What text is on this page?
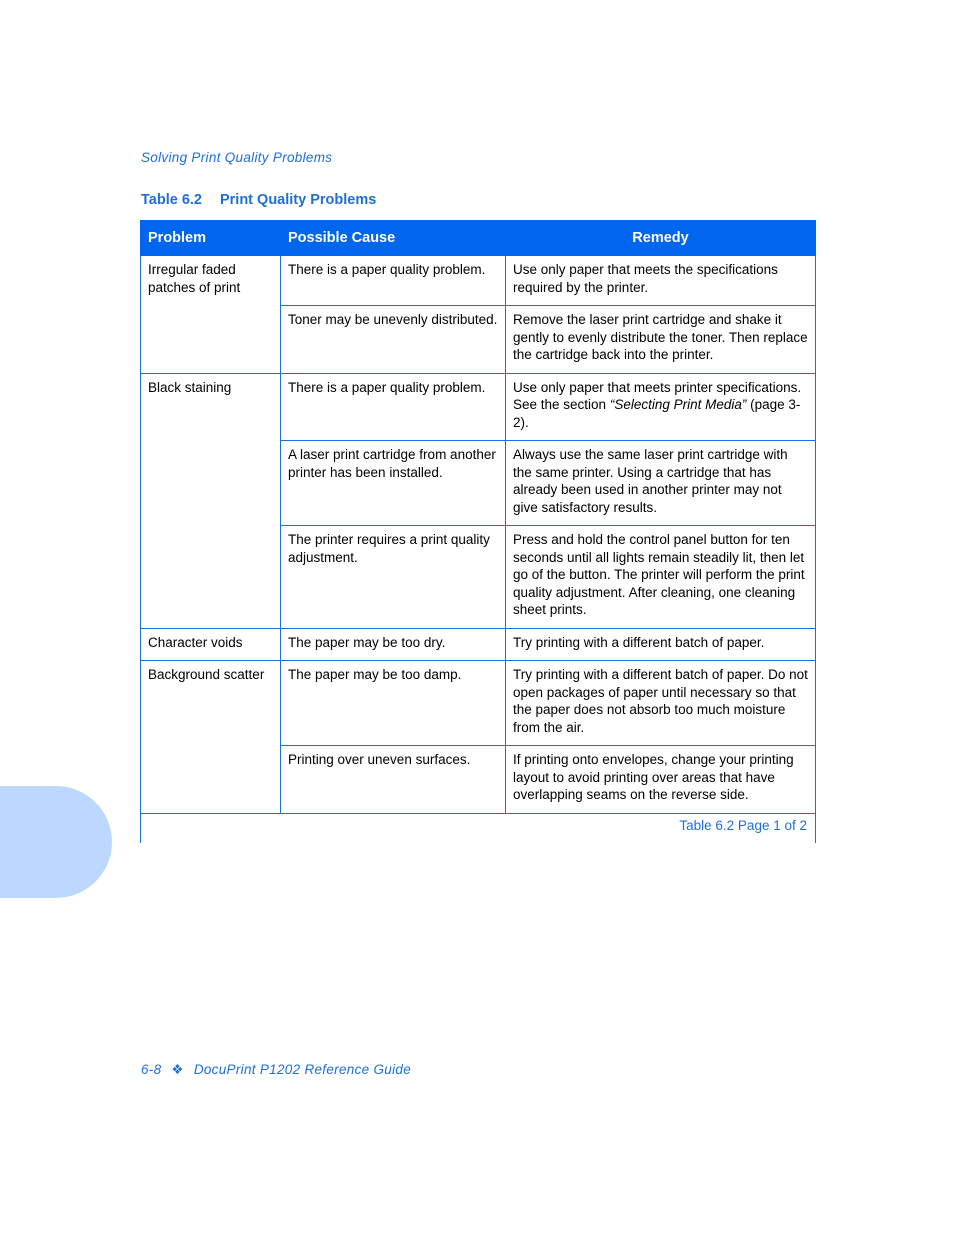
Solving Print Quality Problems
Table 6.2 Print Quality Problems
Problem	Possible Cause	Remedy
Irregular faded patches of print	There is a paper quality problem.	Use only paper that meets the specifications required by the printer.
	Toner may be unevenly distributed.	Remove the laser print cartridge and shake it gently to evenly distribute the toner. Then replace the cartridge back into the printer.
Black staining	There is a paper quality problem.	Use only paper that meets printer specifications. See the section “Selecting Print Media” (page 3-2).
	A laser print cartridge from another printer has been installed.	Always use the same laser print cartridge with the same printer. Using a cartridge that has already been used in another printer may not give satisfactory results.
	The printer requires a print quality adjustment.	Press and hold the control panel button for ten seconds until all lights remain steadily lit, then let go of the button. The printer will perform the print quality adjustment. After cleaning, one cleaning sheet prints.
Character voids	The paper may be too dry.	Try printing with a different batch of paper.
Background scatter	The paper may be too damp.	Try printing with a different batch of paper. Do not open packages of paper until necessary so that the paper does not absorb too much moisture from the air.
	Printing over uneven surfaces.	If printing onto envelopes, change your printing layout to avoid printing over areas that have overlapping seams on the reverse side.
Table 6.2 Page 1 of 2		
6-8 ❖ DocuPrint P1202 Reference Guide
